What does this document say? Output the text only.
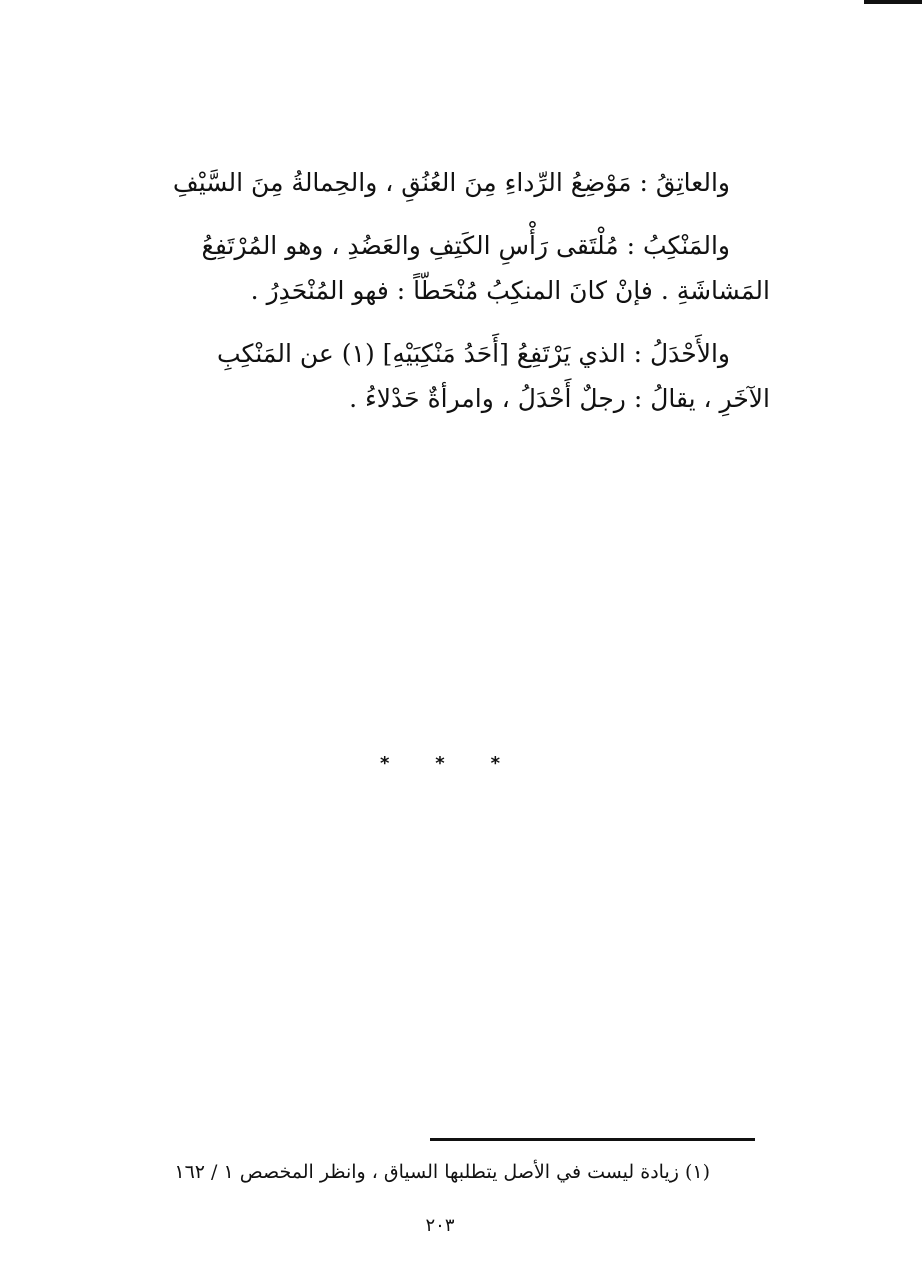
والعاتِقُ : مَوْضِعُ الرِّداءِ مِنَ العُنُقِ ، والحِمالةُ مِنَ السَّيْفِ

والمَنْكِبُ : مُلْتَقى رَأْسِ الكَتِفِ والعَضُدِ ، وهو المُرْتَفِعُ
المَشاشَةِ . فإنْ كانَ المنكِبُ مُنْحَطّاً : فهو المُنْحَدِرُ .

والأَحْدَلُ : الذي يَرْتَفِعُ [أَحَدُ مَنْكِبَيْهِ] (١) عن المَنْكِبِ
الآخَرِ ، يقالُ : رجلٌ أَحْدَلُ ، وامرأةٌ حَدْلاءُ .

*	*	*
(١) زيادة ليست في الأصل يتطلبها السياق ، وانظر المخصص ١ / ١٦٢
٢٠٣
